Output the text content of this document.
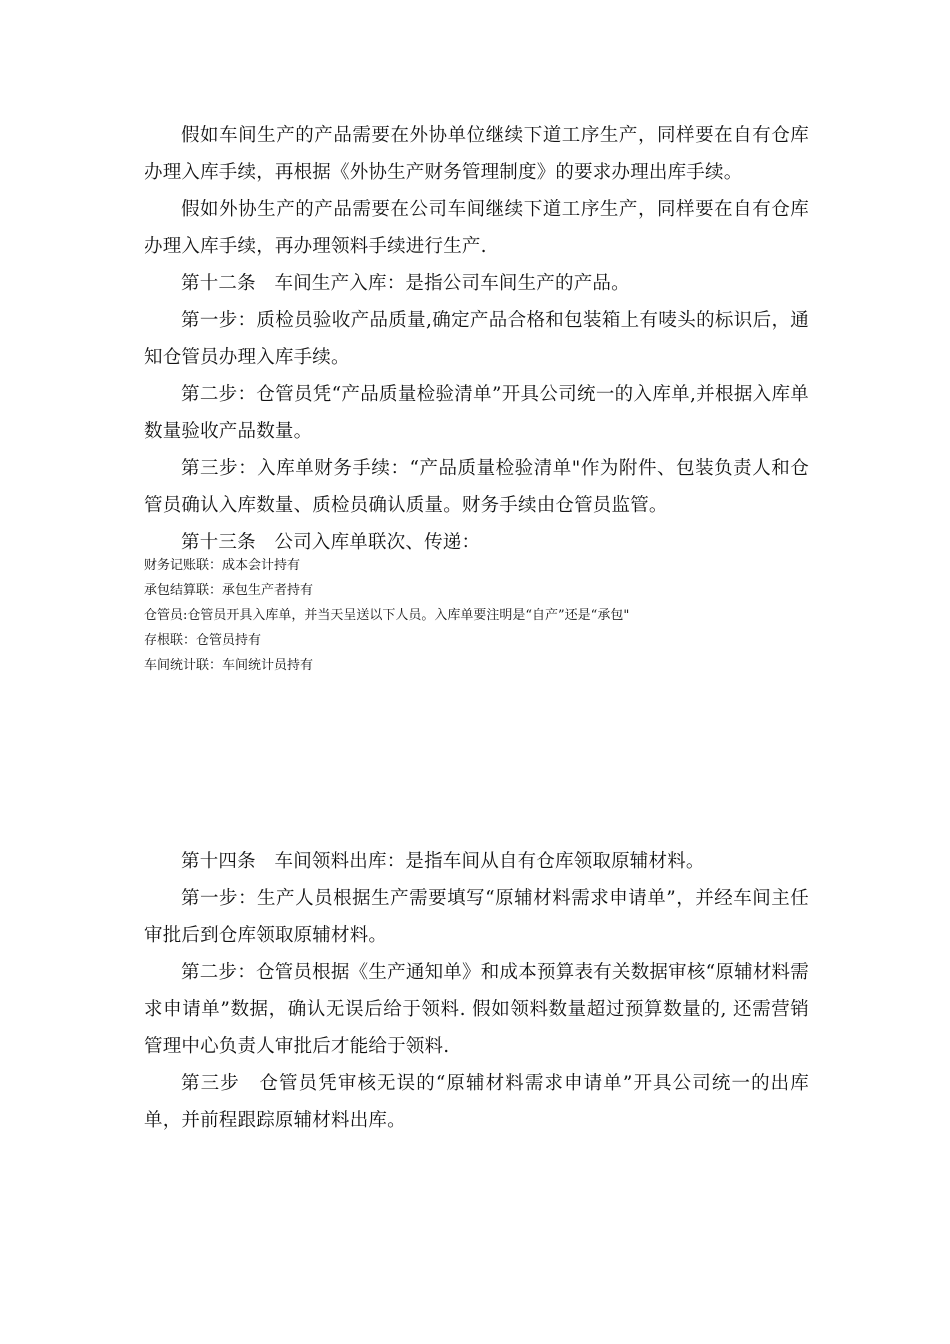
假如车间生产的产品需要在外协单位继续下道工序生产，同样要在自有仓库办理入库手续，再根据《外协生产财务管理制度》的要求办理出库手续。

假如外协生产的产品需要在公司车间继续下道工序生产，同样要在自有仓库办理入库手续，再办理领料手续进行生产.

第十二条　车间生产入库：是指公司车间生产的产品。

第一步：质检员验收产品质量,确定产品合格和包装箱上有唛头的标识后，通知仓管员办理入库手续。

第二步：仓管员凭“产品质量检验清单”开具公司统一的入库单,并根据入库单数量验收产品数量。

第三步：入库单财务手续：“产品质量检验清单"作为附件、包装负责人和仓管员确认入库数量、质检员确认质量。财务手续由仓管员监管。

第十三条　公司入库单联次、传递：

财务记账联：成本会计持有

承包结算联：承包生产者持有

仓管员:仓管员开具入库单，并当天呈送以下人员。入库单要注明是“自产”还是“承包"

存根联：仓管员持有

车间统计联：车间统计员持有

第十四条　车间领料出库：是指车间从自有仓库领取原辅材料。

第一步：生产人员根据生产需要填写“原辅材料需求申请单”，并经车间主任审批后到仓库领取原辅材料。

第二步：仓管员根据《生产通知单》和成本预算表有关数据审核“原辅材料需求申请单”数据，确认无误后给于领料. 假如领料数量超过预算数量的, 还需营销管理中心负责人审批后才能给于领料.

第三步　仓管员凭审核无误的“原辅材料需求申请单”开具公司统一的出库单，并前程跟踪原辅材料出库。
